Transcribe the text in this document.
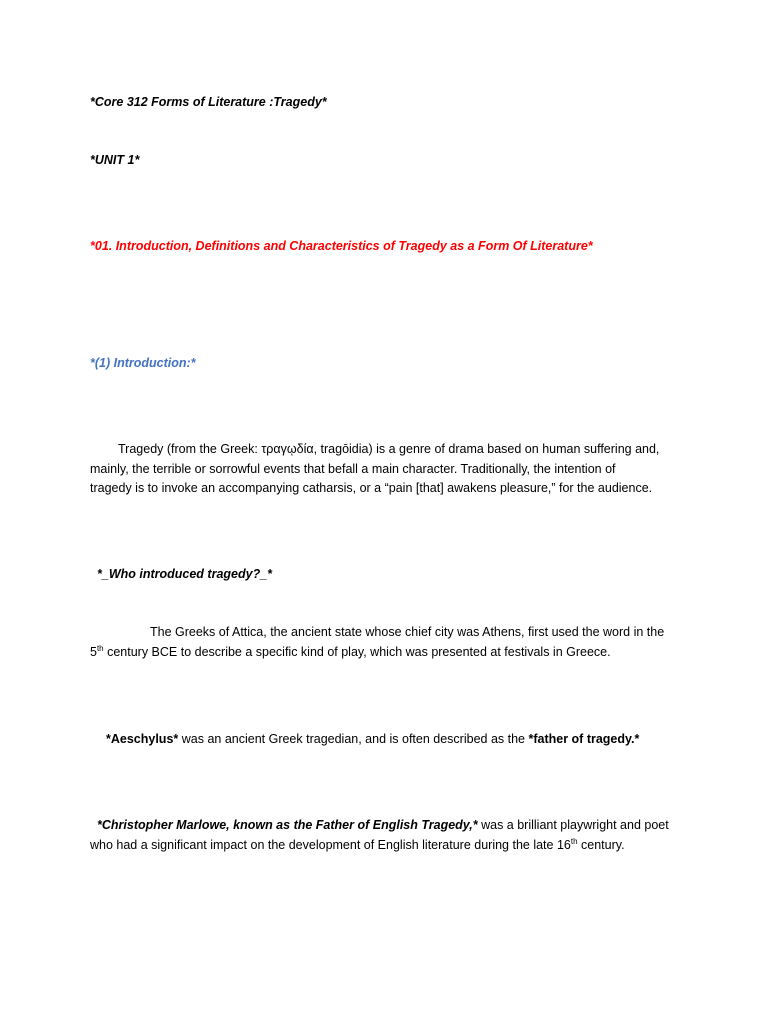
*Core 312 Forms of Literature :Tragedy*
*UNIT 1*
*01. Introduction, Definitions and Characteristics of Tragedy as a Form Of Literature*
*(1) Introduction:*

Tragedy (from the Greek: τραγῳδία, tragōidia) is a genre of drama based on human suffering and,

mainly, the terrible or sorrowful events that befall a main character. Traditionally, the intention of

tragedy is to invoke an accompanying catharsis, or a “pain [that] awakens pleasure,” for the audience.

*_Who introduced tragedy?_*

The Greeks of Attica, the ancient state whose chief city was Athens, first used the word in the

5th century BCE to describe a specific kind of play, which was presented at festivals in Greece.

*Aeschylus* was an ancient Greek tragedian, and is often described as the *father of tragedy.*

*Christopher Marlowe, known as the Father of English Tragedy,* was a brilliant playwright and poet

who had a significant impact on the development of English literature during the late 16th century.
